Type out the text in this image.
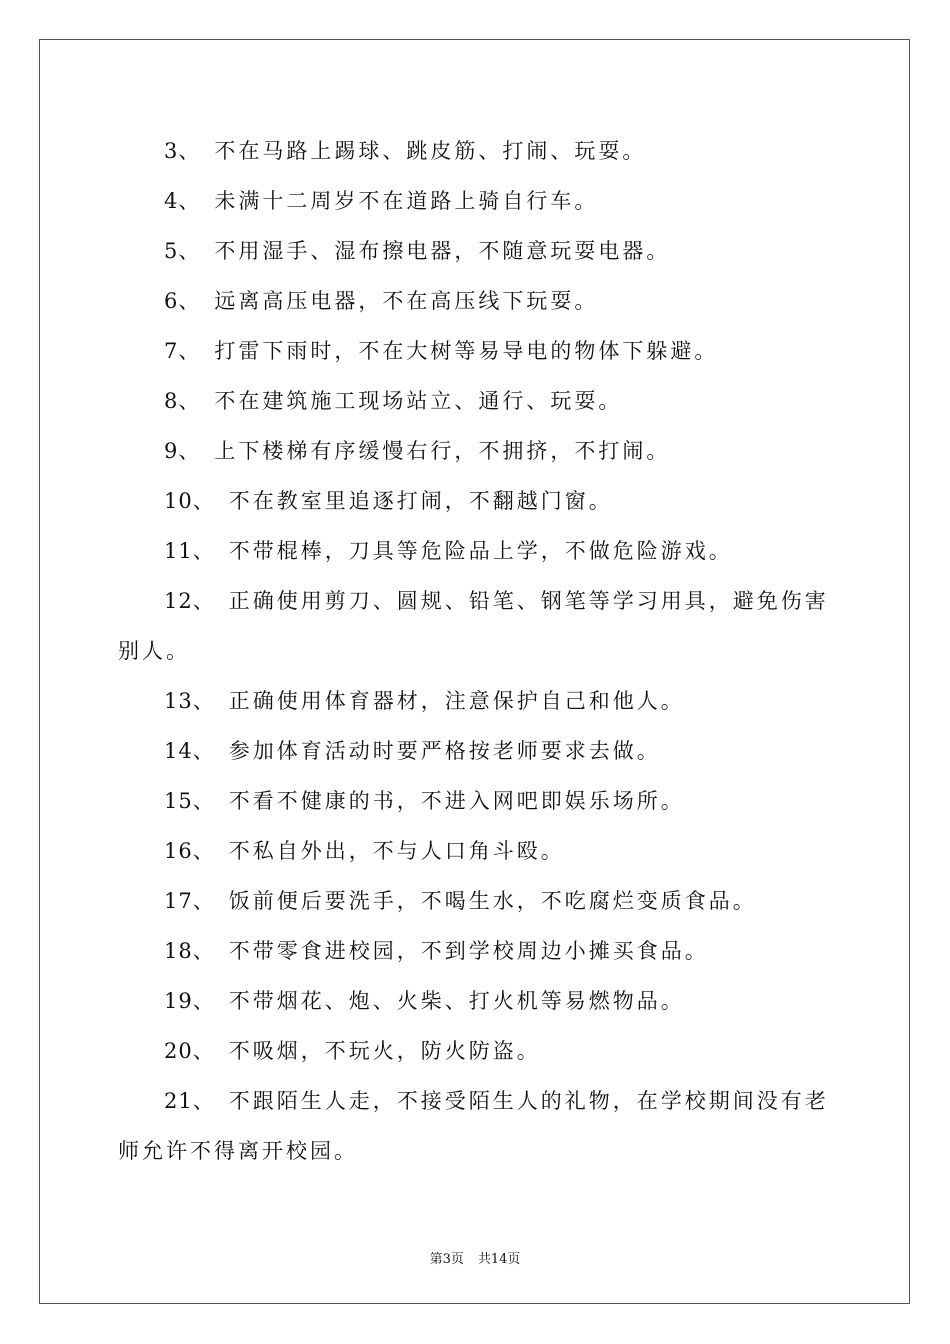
3、 不在马路上踢球、跳皮筋、打闹、玩耍。
4、 未满十二周岁不在道路上骑自行车。
5、 不用湿手、湿布擦电器，不随意玩耍电器。
6、 远离高压电器，不在高压线下玩耍。
7、 打雷下雨时，不在大树等易导电的物体下躲避。
8、 不在建筑施工现场站立、通行、玩耍。
9、 上下楼梯有序缓慢右行，不拥挤，不打闹。
10、 不在教室里追逐打闹，不翻越门窗。
11、 不带棍棒，刀具等危险品上学，不做危险游戏。
12、 正确使用剪刀、圆规、铅笔、钢笔等学习用具，避免伤害别人。
13、 正确使用体育器材，注意保护自己和他人。
14、 参加体育活动时要严格按老师要求去做。
15、 不看不健康的书，不进入网吧即娱乐场所。
16、 不私自外出，不与人口角斗殴。
17、 饭前便后要洗手，不喝生水，不吃腐烂变质食品。
18、 不带零食进校园，不到学校周边小摊买食品。
19、 不带烟花、炮、火柴、打火机等易燃物品。
20、 不吸烟，不玩火，防火防盗。
21、 不跟陌生人走，不接受陌生人的礼物，在学校期间没有老师允许不得离开校园。
第3页 共14页
